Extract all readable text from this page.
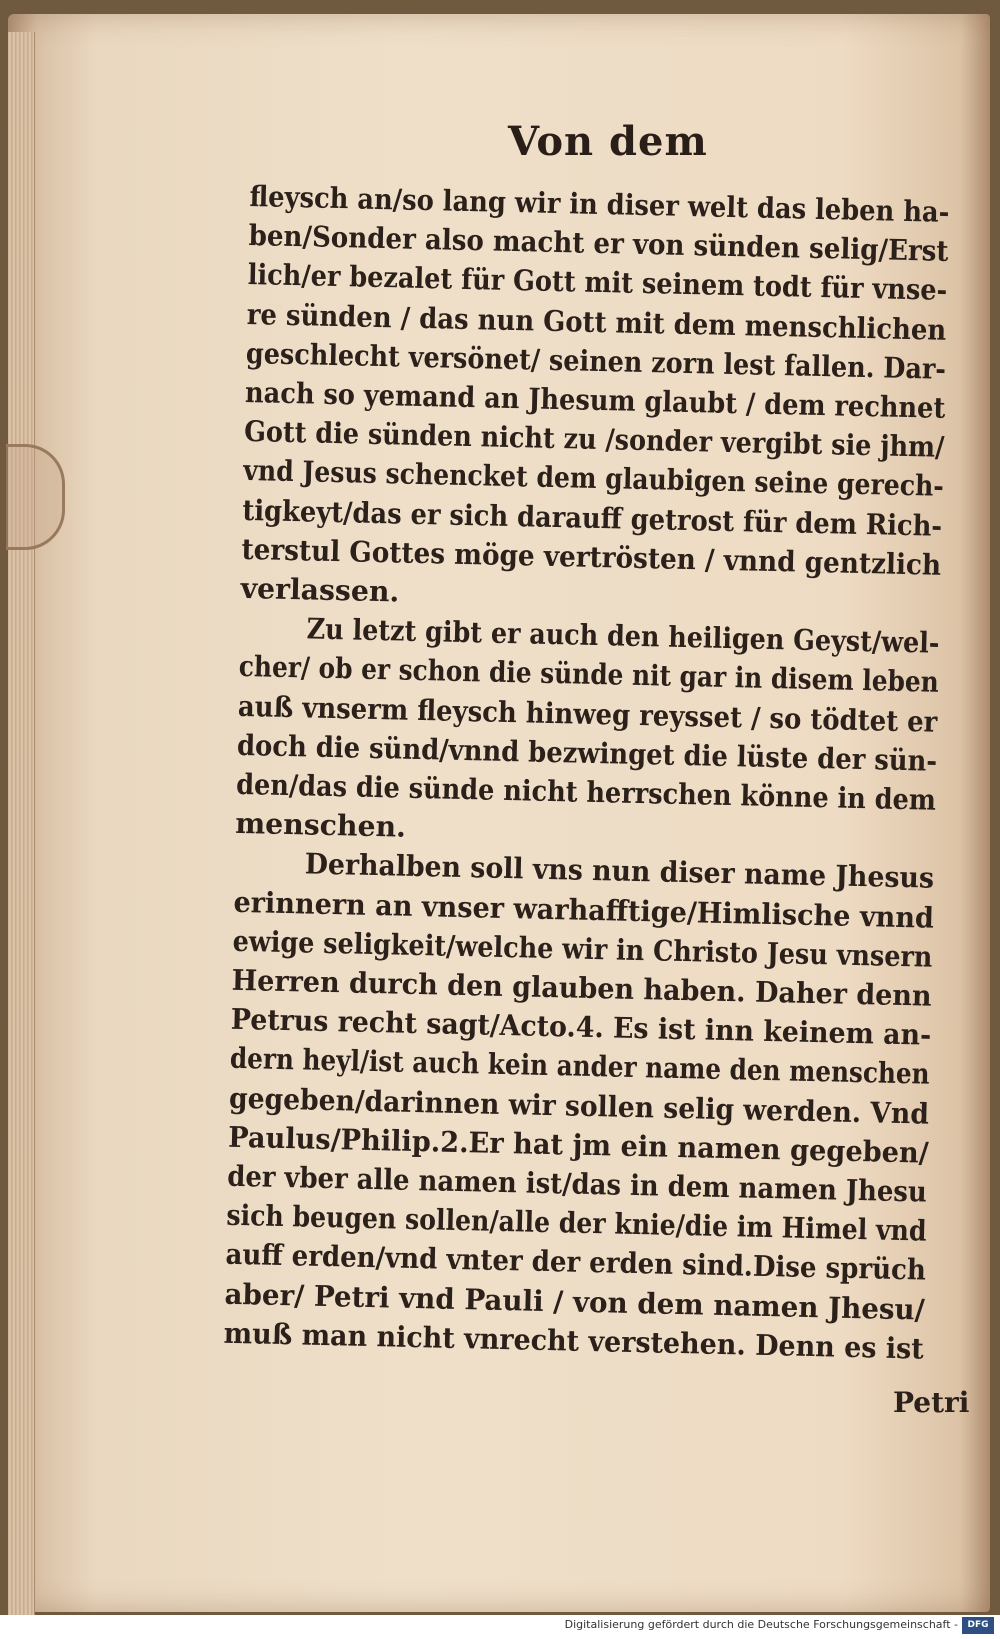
Von dem
fleysch an/so lang wir in diser welt das leben ha-
ben/Sonder also macht er von sünden selig/Erst
lich/er bezalet für Gott mit seinem todt für vnse-
re sünden / das nun Gott mit dem menschlichen
geschlecht versönet/ seinen zorn lest fallen. Dar-
nach so yemand an Jhesum glaubt / dem rechnet
Gott die sünden nicht zu /sonder vergibt sie jhm/
vnd Jesus schencket dem glaubigen seine gerech-
tigkeyt/das er sich darauff getrost für dem Rich-
terstul Gottes möge vertrösten / vnnd gentzlich
verlassen.
Zu letzt gibt er auch den heiligen Geyst/wel-
cher/ ob er schon die sünde nit gar in disem leben
auß vnserm fleysch hinweg reysset / so tödtet er
doch die sünd/vnnd bezwinget die lüste der sün-
den/das die sünde nicht herrschen könne in dem
menschen.
Derhalben soll vns nun diser name Jhesus
erinnern an vnser warhafftige/Himlische vnnd
ewige seligkeit/welche wir in Christo Jesu vnsern
Herren durch den glauben haben. Daher denn
Petrus recht sagt/Acto.4. Es ist inn keinem an-
dern heyl/ist auch kein ander name den menschen
gegeben/darinnen wir sollen selig werden. Vnd
Paulus/Philip.2.Er hat jm ein namen gegeben/
der vber alle namen ist/das in dem namen Jhesu
sich beugen sollen/alle der knie/die im Himel vnd
auff erden/vnd vnter der erden sind.Dise sprüch
aber/ Petri vnd Pauli / von dem namen Jhesu/
muß man nicht vnrecht verstehen. Denn es ist
Petri
Digitalisierung gefördert durch die Deutsche Forschungsgemeinschaft -	DFG
